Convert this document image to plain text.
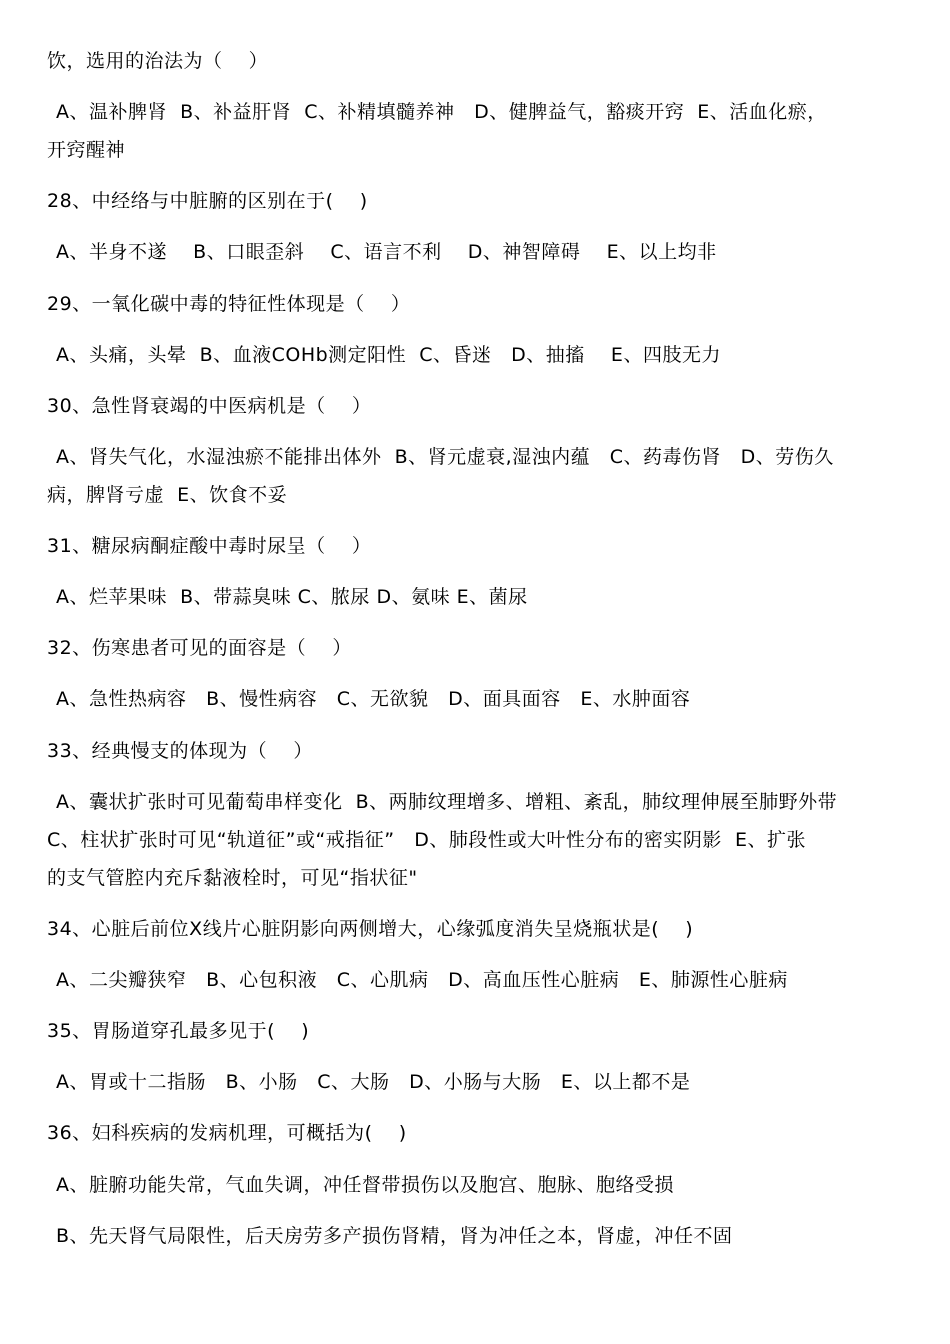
饮，选用的治法为（    ）
A、温补脾肾  B、补益肝肾  C、补精填髓养神   D、健脾益气，豁痰开窍  E、活血化瘀，
开窍醒神
28、中经络与中脏腑的区别在于(    )
A、半身不遂    B、口眼歪斜    C、语言不利    D、神智障碍    E、以上均非
29、一氧化碳中毒的特征性体现是（    ）
A、头痛，头晕  B、血液COHb测定阳性  C、昏迷   D、抽搐    E、四肢无力
30、急性肾衰竭的中医病机是（    ）
A、肾失气化，水湿浊瘀不能排出体外  B、肾元虚衰,湿浊内蕴   C、药毒伤肾   D、劳伤久
病，脾肾亏虚  E、饮食不妥
31、糖尿病酮症酸中毒时尿呈（    ）
A、烂苹果味  B、带蒜臭味 C、脓尿 D、氨味 E、菌尿
32、伤寒患者可见的面容是（    ）
A、急性热病容   B、慢性病容   C、无欲貌   D、面具面容   E、水肿面容
33、经典慢支的体现为（    ）
A、囊状扩张时可见葡萄串样变化  B、两肺纹理增多、增粗、紊乱，肺纹理伸展至肺野外带
C、柱状扩张时可见“轨道征”或“戒指征”   D、肺段性或大叶性分布的密实阴影  E、扩张
的支气管腔内充斥黏液栓时，可见“指状征"
34、心脏后前位X线片心脏阴影向两侧增大，心缘弧度消失呈烧瓶状是(    )
A、二尖瓣狭窄   B、心包积液   C、心肌病   D、高血压性心脏病   E、肺源性心脏病
35、胃肠道穿孔最多见于(    )
A、胃或十二指肠   B、小肠   C、大肠   D、小肠与大肠   E、以上都不是
36、妇科疾病的发病机理，可概括为(    )
A、脏腑功能失常，气血失调，冲任督带损伤以及胞宫、胞脉、胞络受损
B、先天肾气局限性，后天房劳多产损伤肾精，肾为冲任之本，肾虚，冲任不固
